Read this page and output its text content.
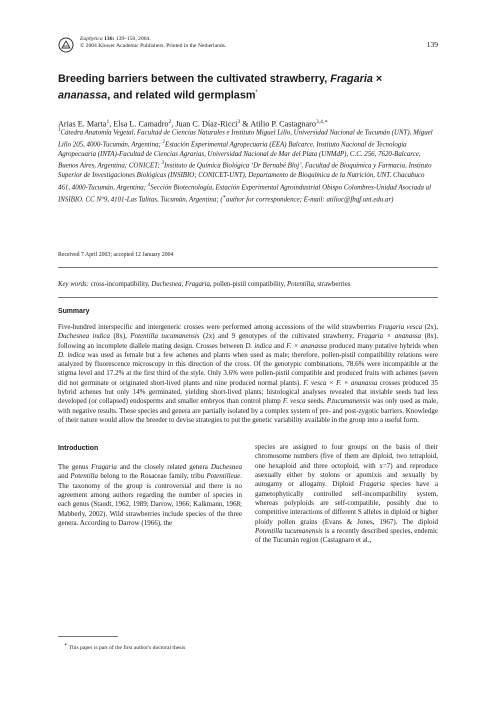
Euphytica 136: 139–150, 2004.
© 2004 Kluwer Academic Publishers. Printed in the Netherlands.	139
Breeding barriers between the cultivated strawberry, Fragaria ×
ananassa, and related wild germplasm*
Arias E. Marta$^1$, Elsa L. Camadro$^2$, Juan C. Díaz-Ricci$^3$ & Atilio P. Castagnaro$^{3,4,∗}$
$^1$Cátedra Anatomía Vegetal, Facultad de Ciencias Naturales e Instituto Miguel Lillo, Universidad Nacional de Tucumán (UNT), Miguel Lillo 205, 4000-Tucumán, Argentina; $^2$Estación Experimental Agropecuaria (EEA) Balcarce, Instituto Nacional de Tecnología Agropecuaria (INTA)-Facultad de Ciencias Agrarias, Universidad Nacional de Mar del Plata (UNMdP), C.C. 256, 7620-Balcarce, Buenos Aires, Argentina; CONICET; $^3$Instituto de Química Biológica ‘Dr Bernabé Bloj’, Facultad de Bioquímica y Farmacia, Instituto Superior de Investigaciones Biológicas (INSIBIO; CONICET-UNT), Departamento de Bioquímica de la Nutrición, UNT. Chacabuco 461, 4000-Tucumán, Argentina; $^4$Sección Biotecnología, Estación Experimental Agroindustrial Obispo Colombres-Unidad Asociada al INSIBIO. CC N°9, 4101-Las Talitas, Tucumán, Argentina; (∗author for correspondence; E-mail: atilioc@fbqf.unt.edu.ar)
Received 7 April 2003; accepted 12 January 2004
Key words: cross-incompatibility, Duchesnea, Fragaria, pollen-pistil compatibility, Potentilla, strawberries
Summary

Five-hundred interspecific and intergeneric crosses were performed among accessions of the wild strawberries Fragaria vesca (2x), Duchesnea indica (8x), Potentilla tucumanensis (2x) and 9 genotypes of the cultivated strawberry, Fragaria × ananassa (8x), following an incomplete diallele mating design. Crosses between D. indica and F. × ananassa produced many putative hybrids when D. indica was used as female but a few achenes and plants when used as male; therefore, pollen-pistil compatibility relations were analyzed by fluorescence microscopy in this direction of the cross. Of the genotypic combinations, 78.6% were incompatible at the stigma level and 17.2% at the first third of the style. Only 3.6% were pollen-pistil compatible and produced fruits with achenes (seven did not germinate or originated short-lived plants and nine produced normal plants). F. vesca × F. × ananassa crosses produced 35 hybrid achenes but only 14% germinated, yielding short-lived plants; histological analyses revealed that inviable seeds had less developed (or collapsed) endosperms and smaller embryos than control plump F. vesca seeds. P.tucumanensis was only used as male, with negative results. These species and genera are partially isolated by a complex system of pre- and post-zygotic barriers. Knowledge of their nature would allow the breeder to devise strategies to put the genetic variability available in the group into a useful form.

Introduction
The genus Fragaria and the closely related genera Duchesnea and Potentilla belong to the Rosaceae family, tribu Potentilleae. The taxonomy of the group is controversial and there is no agreement among authors regarding the number of species in each genus (Staudt, 1962, 1989; Darrow, 1966; Kalkmann, 1968; Mabberly, 2002). Wild strawberries include species of the three genera. According to Darrow (1966), the
species are assigned to four groups on the basis of their chromosome numbers (five of them are diploid, two tetraploid, one hexaploid and three octoploid, with x=7) and reproduce asexually either by stolons or apomixis and sexually by autogamy or allogamy. Diploid Fragaria species have a gametophytically controlled self-incompatibility system, whereas polyploids are self-compatible, possibly due to competitive interactions of different S alleles in diploid or higher ploidy pollen grains (Evans & Jones, 1967). The diploid Potentilla tucumanensis is a recently described species, endemic of the Tucumán region (Castagnaro et al.,
∗ This paper is part of the first author's doctoral thesis
